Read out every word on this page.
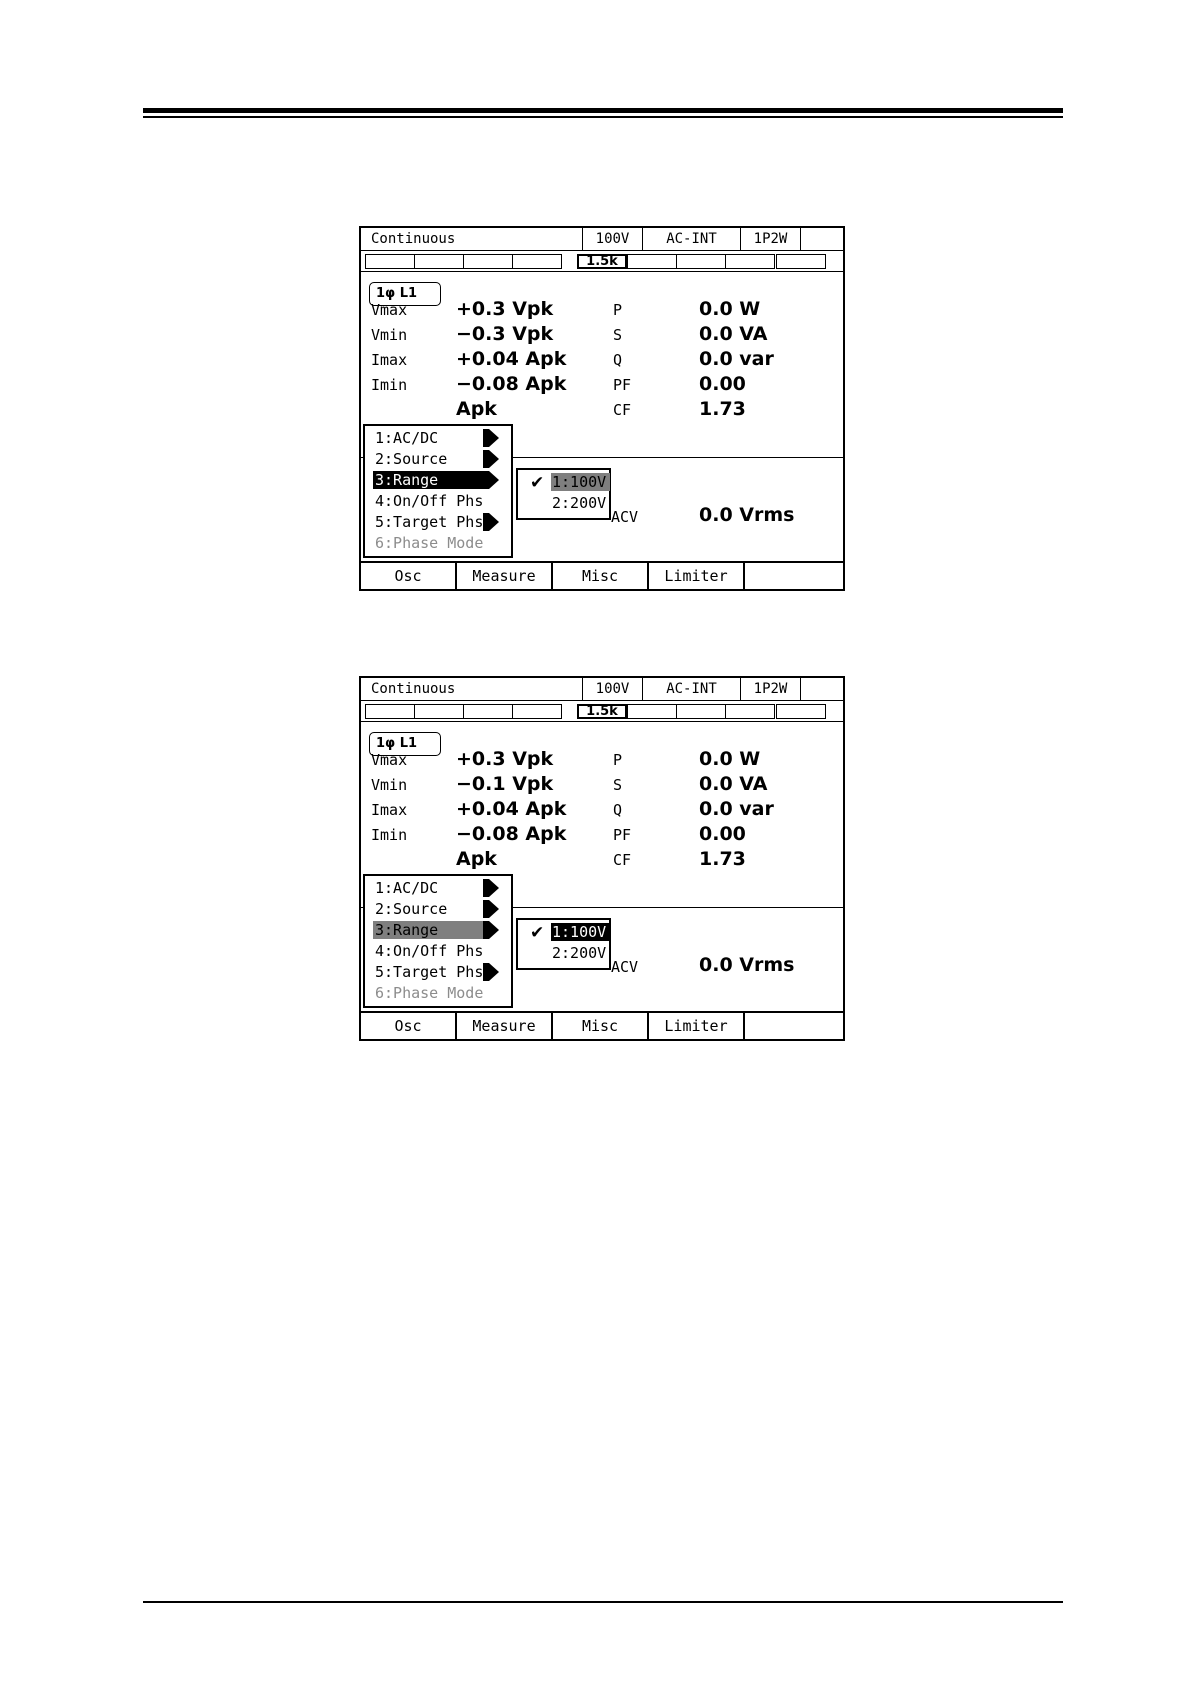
Continuous	100V	AC-INT	1P2W
1.5k
1φ L1
Vmax	+0.3 Vpk
Vmin	−0.3 Vpk
Imax	+0.04 Apk
Imin	−0.08 Apk
Apk
P	0.0 W
S	0.0 VA
Q	0.0 var
PF	0.00
CF	1.73
ACV	0.0 Vrms
1:AC/DC
2:Source
3:Range
4:On/Off Phs
5:Target Phs
6:Phase Mode
✔ 1:100V
2:200V
Osc	Measure	Misc	Limiter
Continuous	100V	AC-INT	1P2W
1.5k
1φ L1
Vmax	+0.3 Vpk
Vmin	−0.1 Vpk
Imax	+0.04 Apk
Imin	−0.08 Apk
Apk
P	0.0 W
S	0.0 VA
Q	0.0 var
PF	0.00
CF	1.73
ACV	0.0 Vrms
1:AC/DC
2:Source
3:Range
4:On/Off Phs
5:Target Phs
6:Phase Mode
✔ 1:100V
2:200V
Osc	Measure	Misc	Limiter
